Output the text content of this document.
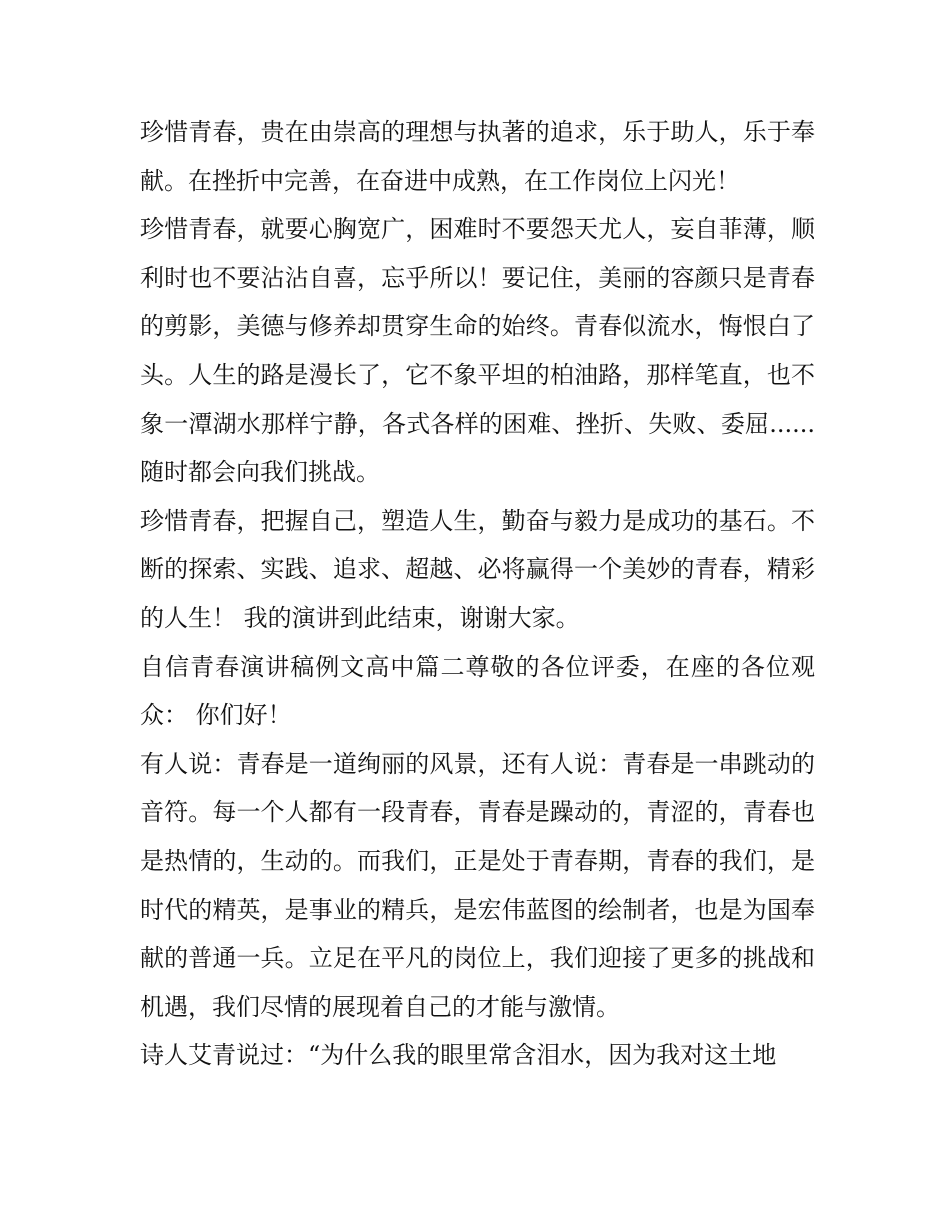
珍惜青春，贵在由崇高的理想与执著的追求，乐于助人，乐于奉献。在挫折中完善，在奋进中成熟，在工作岗位上闪光！

珍惜青春，就要心胸宽广，困难时不要怨天尤人，妄自菲薄，顺利时也不要沾沾自喜，忘乎所以！要记住，美丽的容颜只是青春的剪影，美德与修养却贯穿生命的始终。青春似流水，悔恨白了头。人生的路是漫长了，它不象平坦的柏油路，那样笔直，也不象一潭湖水那样宁静，各式各样的困难、挫折、失败、委屈......随时都会向我们挑战。

珍惜青春，把握自己，塑造人生，勤奋与毅力是成功的基石。不断的探索、实践、追求、超越、必将赢得一个美妙的青春，精彩的人生！ 我的演讲到此结束，谢谢大家。

自信青春演讲稿例文高中篇二尊敬的各位评委，在座的各位观众： 你们好！

有人说：青春是一道绚丽的风景，还有人说：青春是一串跳动的音符。每一个人都有一段青春，青春是躁动的，青涩的，青春也是热情的，生动的。而我们，正是处于青春期，青春的我们，是时代的精英，是事业的精兵，是宏伟蓝图的绘制者，也是为国奉献的普通一兵。立足在平凡的岗位上，我们迎接了更多的挑战和机遇，我们尽情的展现着自己的才能与激情。

诗人艾青说过：“为什么我的眼里常含泪水，因为我对这土地
